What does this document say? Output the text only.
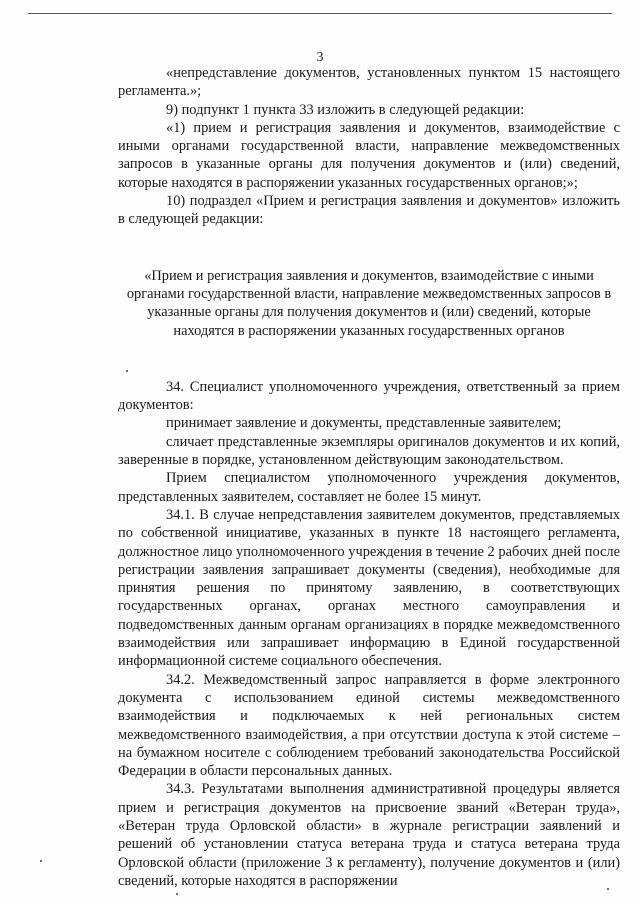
3

«непредставление документов, установленных пунктом 15 настоящего регламента.»;

9) подпункт 1 пункта 33 изложить в следующей редакции:

«1) прием и регистрация заявления и документов, взаимодействие с иными органами государственной власти, направление межведомственных запросов в указанные органы для получения документов и (или) сведений, которые находятся в распоряжении указанных государственных органов;»;

10) подраздел «Прием и регистрация заявления и документов» изложить в следующей редакции:

«Прием и регистрация заявления и документов, взаимодействие с иными органами государственной власти, направление межведомственных запросов в указанные органы для получения документов и (или) сведений, которые находятся в распоряжении указанных государственных органов

34. Специалист уполномоченного учреждения, ответственный за прием документов:

принимает заявление и документы, представленные заявителем;

сличает представленные экземпляры оригиналов документов и их копий, заверенные в порядке, установленном действующим законодательством.

Прием специалистом уполномоченного учреждения документов, представленных заявителем, составляет не более 15 минут.

34.1. В случае непредставления заявителем документов, представляемых по собственной инициативе, указанных в пункте 18 настоящего регламента, должностное лицо уполномоченного учреждения в течение 2 рабочих дней после регистрации заявления запрашивает документы (сведения), необходимые для принятия решения по принятому заявлению, в соответствующих государственных органах, органах местного самоуправления и подведомственных данным органам организациях в порядке межведомственного взаимодействия или запрашивает информацию в Единой государственной информационной системе социального обеспечения.

34.2. Межведомственный запрос направляется в форме электронного документа с использованием единой системы межведомственного взаимодействия и подключаемых к ней региональных систем межведомственного взаимодействия, а при отсутствии доступа к этой системе – на бумажном носителе с соблюдением требований законодательства Российской Федерации в области персональных данных.

34.3. Результатами выполнения административной процедуры является прием и регистрация документов на присвоение званий «Ветеран труда», «Ветеран труда Орловской области» в журнале регистрации заявлений и решений об установлении статуса ветерана труда и статуса ветерана труда Орловской области (приложение 3 к регламенту), получение документов и (или) сведений, которые находятся в распоряжении
